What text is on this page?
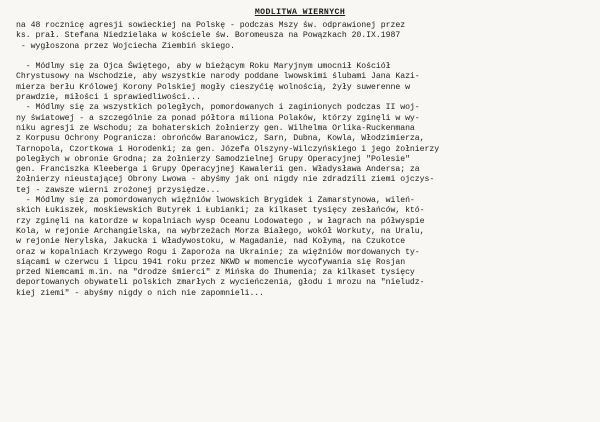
MODLITWA WIERNYCH
na 48 rocznicę agresji sowieckiej na Polskę - podczas Mszy św. odprawionej przez
ks. prał. Stefana Niedzielaka w kościele św. Boromeusza na Powązkach 20.IX.1987
- wygłoszona przez Wojciecha Ziembiń skiego.
- Módlmy się za Ojca Świętego, aby w bieżącym Roku Maryjnym umocnił Kościół
Chrystusowy na Wschodzie, aby wszystkie narody poddane lwowskimi ślubami Jana Kazi-
mierza berłu Królowej Korony Polskiej mogły cieszyćię wolnością, żyły suwerenne w
prawdzie, miłości i sprawiedliwości...
- Módlmy się za wszystkich poległych, pomordowanych i zaginionych podczas II woj-
ny światowej - a szczególnie za ponad półtora miliona Polaków, którzy zginęli w wy-
niku agresji ze Wschodu; za bohaterskich żołnierzy gen. Wilhelma Orlika-Ruckenmana
z Korpusu Ochrony Pogranicza: obrońców Baranowicz, Sarn, Dubna, Kowla, Włodzimierza,
Tarnopola, Czortkowa i Horodenki; za gen. Józefa Olszyny-Wilczyńskiego i jego żołnierzy
poległych w obronie Grodna; za żołnierzy Samodzielnej Grupy Operacyjnej "Polesie"
gen. Franciszka Kleeberga i Grupy Operacyjnej Kawalerii gen. Władysława Andersa; za
żołnierzy nieustającej Obrony Lwowa - abyśmy jak oni nigdy nie zdradzili ziemi ojczys-
tej - zawsze wierni zrożonej przysiędze...
- Módlmy się za pomordowanych więźniów lwowskich Brygidek i Zamarstynowa, wileń-
skich Łukiszek, moskiewskich Butyrek i Łubianki; za kilkaset tysięcy zesłańców, któ-
rzy zginęli na katordze w kopalniach wysp Oceanu Lodowatego , w łagrach na półwyspie
Kola, w rejonie Archangielska, na wybrzeżach Morza Białego, wokół Workuty, na Uralu,
w rejonie Nerylska, Jakucka i Władywostoku, w Magadanie, nad Kołymą, na Czukotce
oraz w kopalniach Krzywego Rogu i Zaporoża na Ukrainie; za więźniów mordowanych ty-
siącami w czerwcu i lipcu 1941 roku przez NKWD w momencie wycofywania się Rosjan
przed Niemcami m.in. na "drodze śmierci" z Mińska do Ihumenia; za kilkaset tysięcy
deportowanych obywateli polskich zmarłych z wycieńczenia, głodu i mrozu na "nieludz-
kiej ziemi" - abyśmy nigdy o nich nie zapomnieli...
